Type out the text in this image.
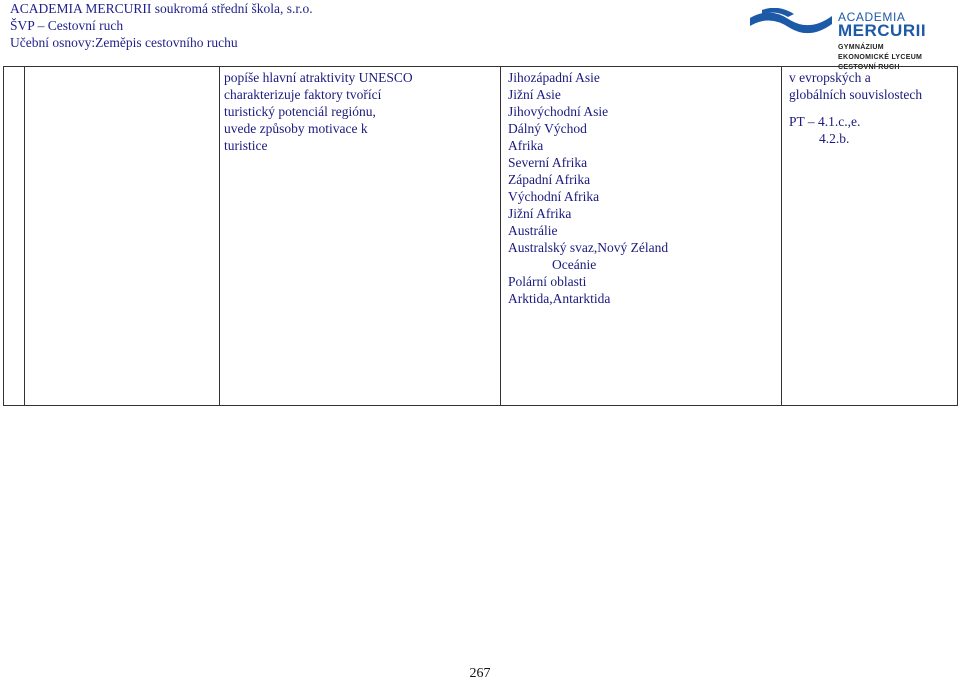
ACADEMIA MERCURII soukromá střední škola, s.r.o.
ŠVP – Cestovní ruch
Učební osnovy:Zeměpis cestovního ruchu
ACADEMIA
MERCURII
GYMNÁZIUM
EKONOMICKÉ LYCEUM
CESTOVNÍ RUCH
popíše hlavní atraktivity UNESCO
charakterizuje faktory tvořící
turistický potenciál regiónu,
uvede způsoby motivace k
turistice
Jihozápadní Asie
Jižní Asie
Jihovýchodní Asie
Dálný Východ
Afrika
Severní Afrika
Západní Afrika
Východní Afrika
Jižní Afrika
Austrálie
Australský svaz,Nový Zéland
Oceánie
Polární oblasti
Arktida,Antarktida
v evropských a
globálních souvislostech
PT – 4.1.c.,e.
4.2.b.
267
